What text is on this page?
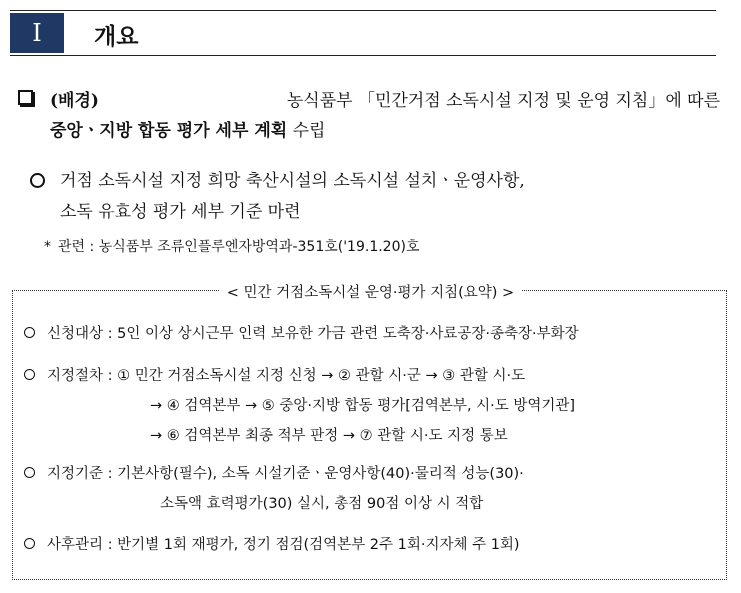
I 개요
(배경)	농식품부 「민간거점 소독시설 지정 및 운영 지침」에 따른
중앙ㆍ지방 합동 평가 세부 계획 수립
거점 소독시설 지정 희망 축산시설의 소독시설 설치ㆍ운영사항,
소독 유효성 평가 세부 기준 마련
* 관련 : 농식품부 조류인플루엔자방역과-351호('19.1.20)호
< 민간 거점소독시설 운영·평가 지침(요약) >
신청대상 : 5인 이상 상시근무 인력 보유한 가금 관련 도축장·사료공장·종축장·부화장
지정절차 : ① 민간 거점소독시설 지정 신청 → ② 관할 시·군 → ③ 관할 시·도
→ ④ 검역본부 → ⑤ 중앙·지방 합동 평가[검역본부, 시·도 방역기관]
→ ⑥ 검역본부 최종 적부 판정 → ⑦ 관할 시·도 지정 통보
지정기준 : 기본사항(필수), 소독 시설기준ㆍ운영사항(40)·물리적 성능(30)·
소독액 효력평가(30) 실시, 총점 90점 이상 시 적합
사후관리 : 반기별 1회 재평가, 정기 점검(검역본부 2주 1회·지자체 주 1회)
